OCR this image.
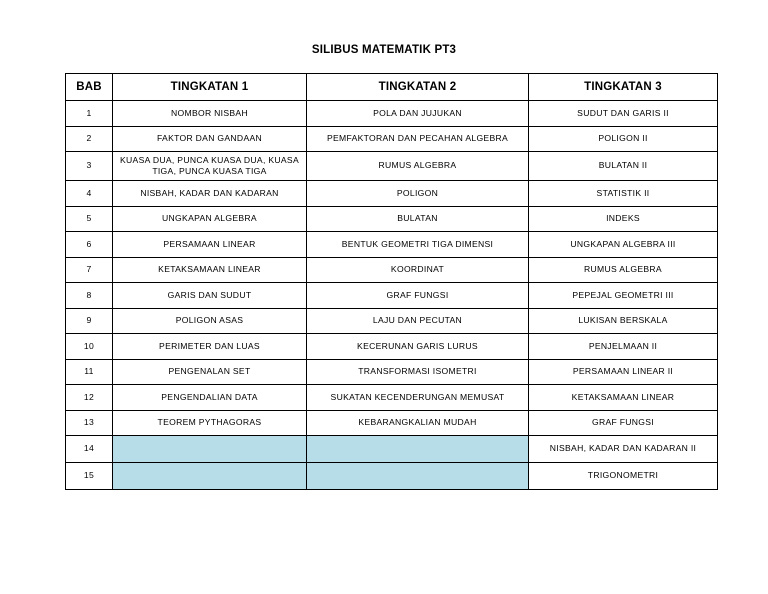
SILIBUS MATEMATIK PT3
BAB	TINGKATAN 1	TINGKATAN 2	TINGKATAN 3
1	NOMBOR NISBAH	POLA DAN JUJUKAN	SUDUT DAN GARIS II
2	FAKTOR DAN GANDAAN	PEMFAKTORAN DAN PECAHAN ALGEBRA	POLIGON II
3	KUASA DUA, PUNCA KUASA DUA, KUASA TIGA, PUNCA KUASA TIGA	RUMUS ALGEBRA	BULATAN II
4	NISBAH, KADAR DAN KADARAN	POLIGON	STATISTIK II
5	UNGKAPAN ALGEBRA	BULATAN	INDEKS
6	PERSAMAAN LINEAR	BENTUK GEOMETRI TIGA DIMENSI	UNGKAPAN ALGEBRA III
7	KETAKSAMAAN LINEAR	KOORDINAT	RUMUS ALGEBRA
8	GARIS DAN SUDUT	GRAF FUNGSI	PEPEJAL GEOMETRI III
9	POLIGON ASAS	LAJU DAN PECUTAN	LUKISAN BERSKALA
10	PERIMETER DAN LUAS	KECERUNAN GARIS LURUS	PENJELMAAN II
11	PENGENALAN SET	TRANSFORMASI ISOMETRI	PERSAMAAN LINEAR II
12	PENGENDALIAN DATA	SUKATAN KECENDERUNGAN MEMUSAT	KETAKSAMAAN LINEAR
13	TEOREM PYTHAGORAS	KEBARANGKALIAN MUDAH	GRAF FUNGSI
14			NISBAH, KADAR DAN KADARAN II
15			TRIGONOMETRI
